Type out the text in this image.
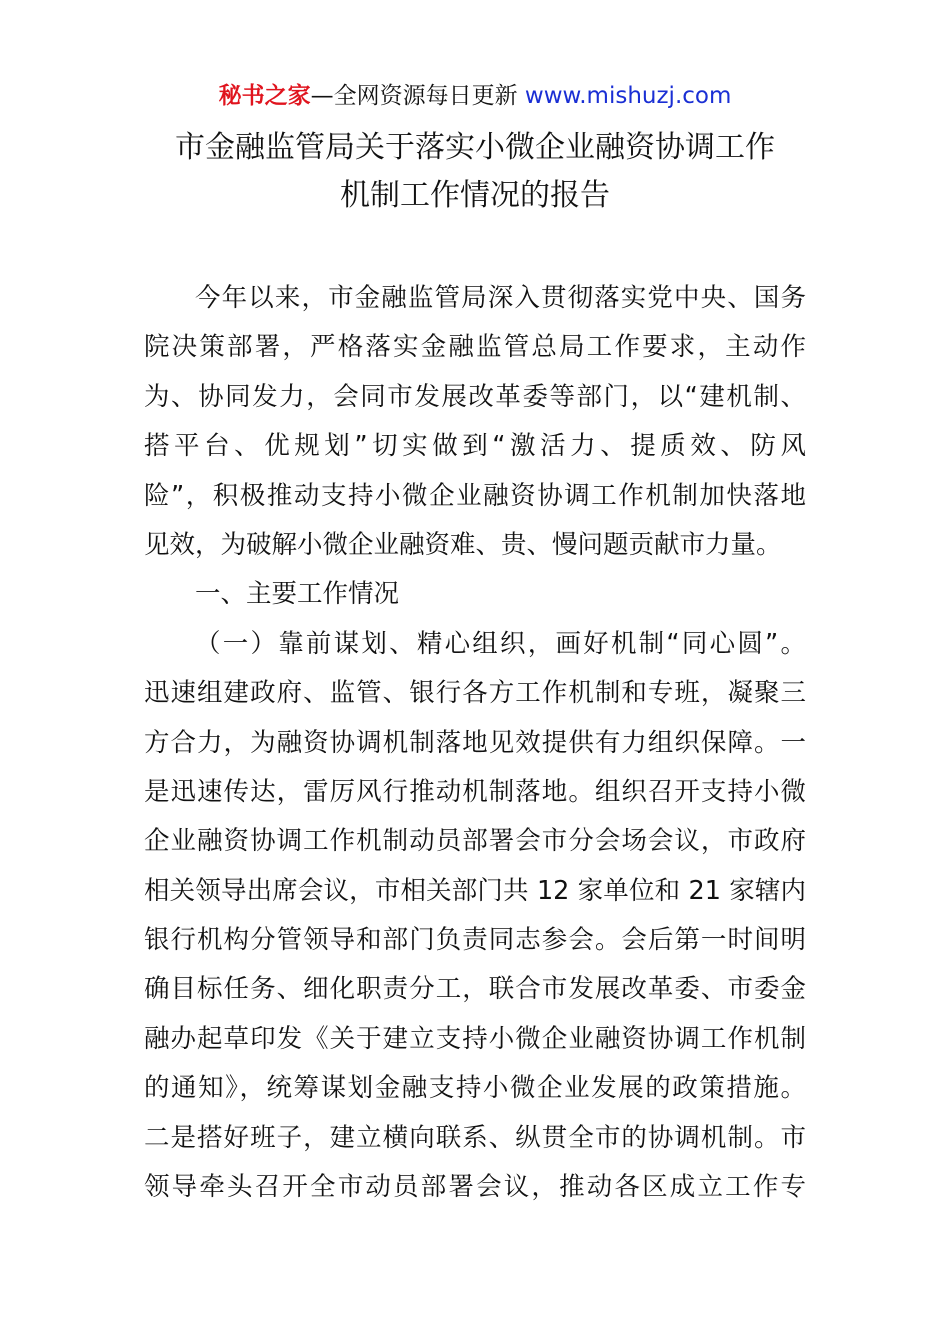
秘书之家—全网资源每日更新 www.mishuzj.com
市金融监管局关于落实小微企业融资协调工作
机制工作情况的报告
今年以来，市金融监管局深入贯彻落实党中央、国务
院决策部署，严格落实金融监管总局工作要求，主动作
为、协同发力，会同市发展改革委等部门，以“建机制、
搭平台、优规划”切实做到“激活力、提质效、防风
险”，积极推动支持小微企业融资协调工作机制加快落地
见效，为破解小微企业融资难、贵、慢问题贡献市力量。
一、主要工作情况
（一）靠前谋划、精心组织，画好机制“同心圆”。
迅速组建政府、监管、银行各方工作机制和专班，凝聚三
方合力，为融资协调机制落地见效提供有力组织保障。一
是迅速传达，雷厉风行推动机制落地。组织召开支持小微
企业融资协调工作机制动员部署会市分会场会议，市政府
相关领导出席会议，市相关部门共 12 家单位和 21 家辖内
银行机构分管领导和部门负责同志参会。会后第一时间明
确目标任务、细化职责分工，联合市发展改革委、市委金
融办起草印发《关于建立支持小微企业融资协调工作机制
的通知》，统筹谋划金融支持小微企业发展的政策措施。
二是搭好班子，建立横向联系、纵贯全市的协调机制。市
领导牵头召开全市动员部署会议，推动各区成立工作专
